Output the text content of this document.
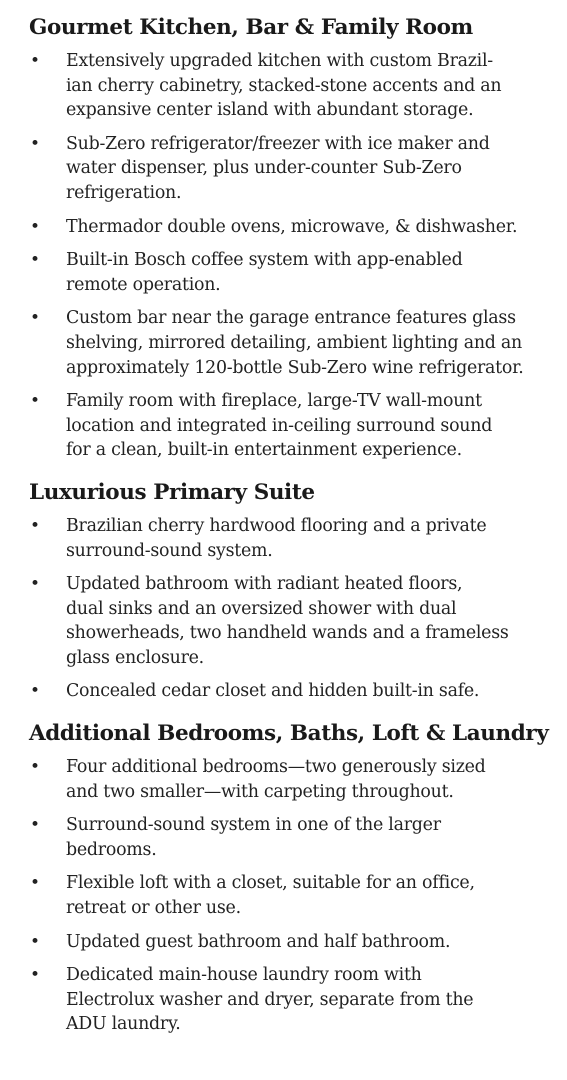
Gourmet Kitchen, Bar & Family Room
• Extensively upgraded kitchen with custom Brazil-
ian cherry cabinetry, stacked-stone accents and an
expansive center island with abundant storage.
• Sub-Zero refrigerator/freezer with ice maker and
water dispenser, plus under-counter Sub-Zero
refrigeration.
• Thermador double ovens, microwave, & dishwasher.
• Built-in Bosch coffee system with app-enabled
remote operation.
• Custom bar near the garage entrance features glass
shelving, mirrored detailing, ambient lighting and an
approximately 120-bottle Sub-Zero wine refrigerator.
• Family room with fireplace, large-TV wall-mount
location and integrated in-ceiling surround sound
for a clean, built-in entertainment experience.
Luxurious Primary Suite
• Brazilian cherry hardwood flooring and a private
surround-sound system.
• Updated bathroom with radiant heated floors,
dual sinks and an oversized shower with dual
showerheads, two handheld wands and a frameless
glass enclosure.
• Concealed cedar closet and hidden built-in safe.
Additional Bedrooms, Baths, Loft & Laundry
• Four additional bedrooms—two generously sized
and two smaller—with carpeting throughout.
• Surround-sound system in one of the larger
bedrooms.
• Flexible loft with a closet, suitable for an office,
retreat or other use.
• Updated guest bathroom and half bathroom.
• Dedicated main-house laundry room with
Electrolux washer and dryer, separate from the
ADU laundry.
